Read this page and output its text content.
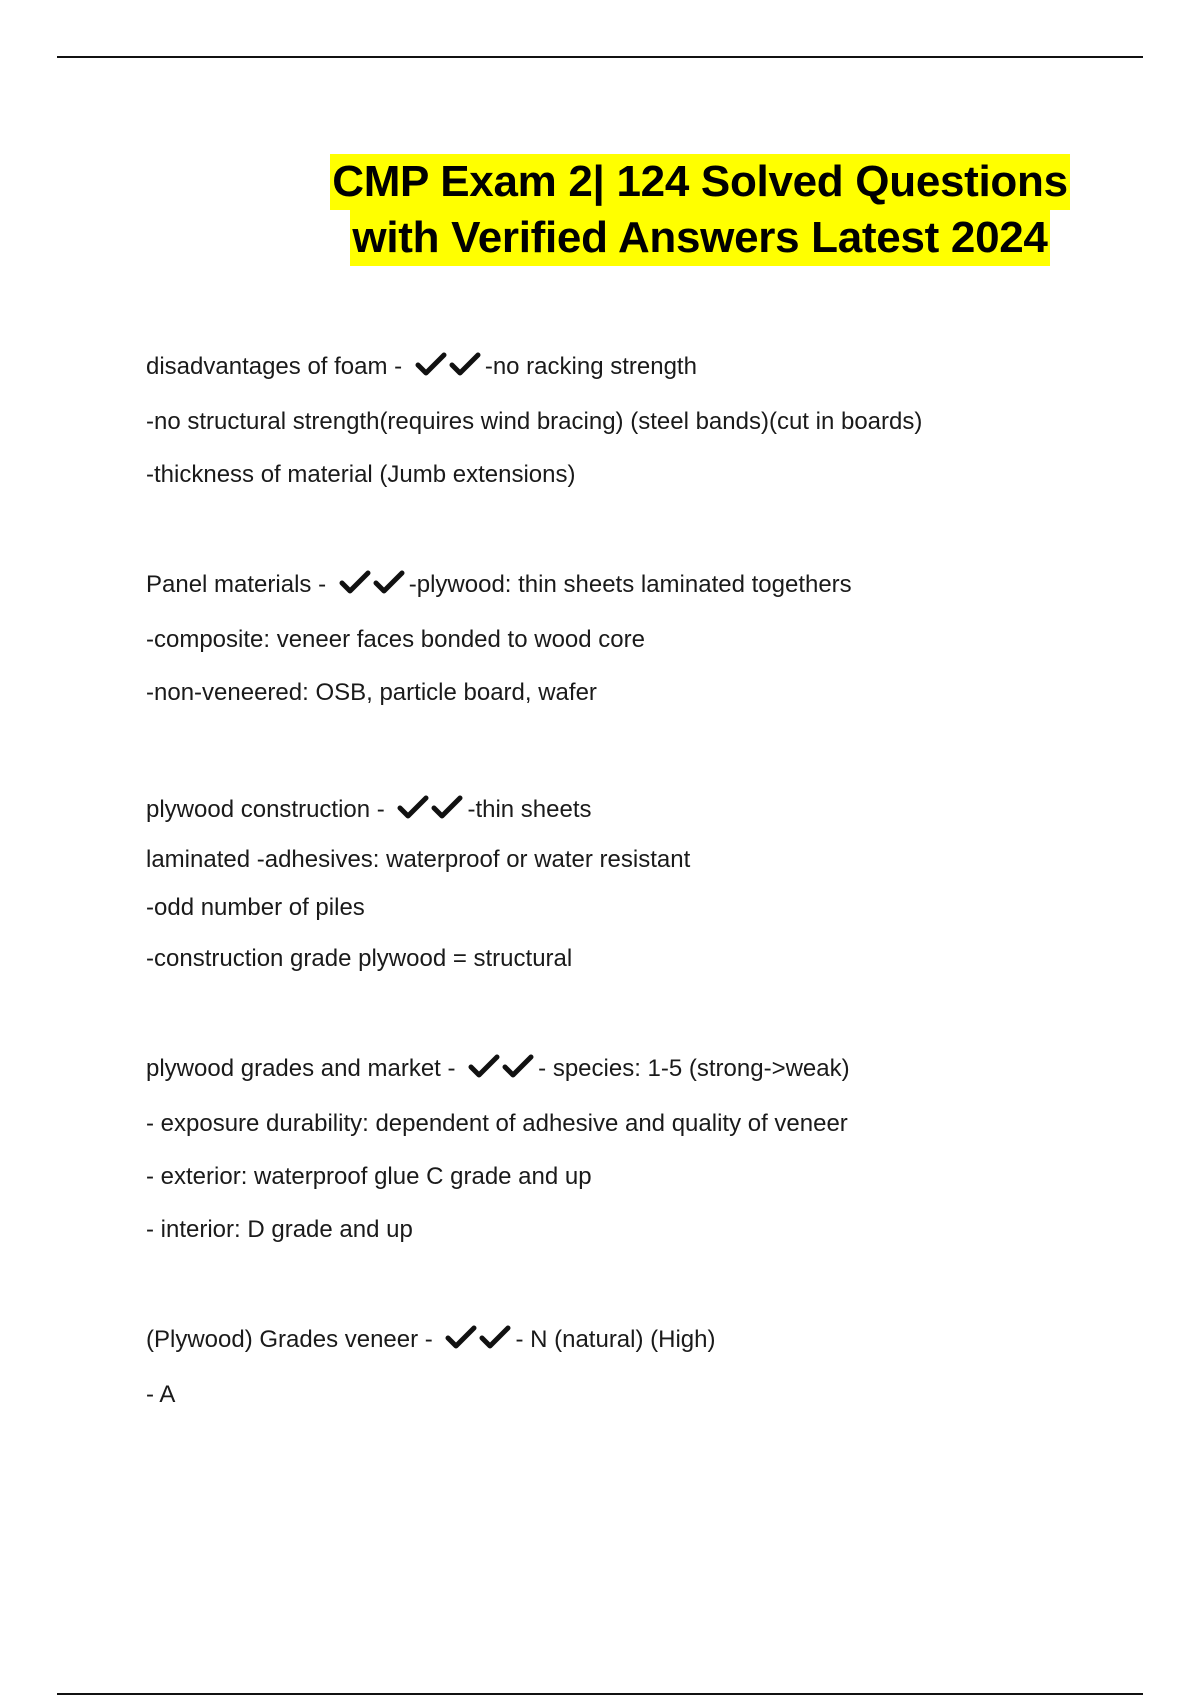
CMP Exam 2| 124 Solved Questions
with Verified Answers Latest 2024
disadvantages of foam -	-no racking strength
-no structural strength(requires wind bracing) (steel bands)(cut in boards)
-thickness of material (Jumb extensions)
Panel materials -	-plywood: thin sheets laminated togethers
-composite: veneer faces bonded to wood core
-non-veneered: OSB, particle board, wafer
plywood construction -	-thin sheets
laminated -adhesives: waterproof or water resistant
-odd number of piles
-construction grade plywood = structural
plywood grades and market -	- species: 1-5 (strong->weak)
- exposure durability: dependent of adhesive and quality of veneer
- exterior: waterproof glue C grade and up
- interior: D grade and up
(Plywood) Grades veneer -	- N (natural) (High)
- A
